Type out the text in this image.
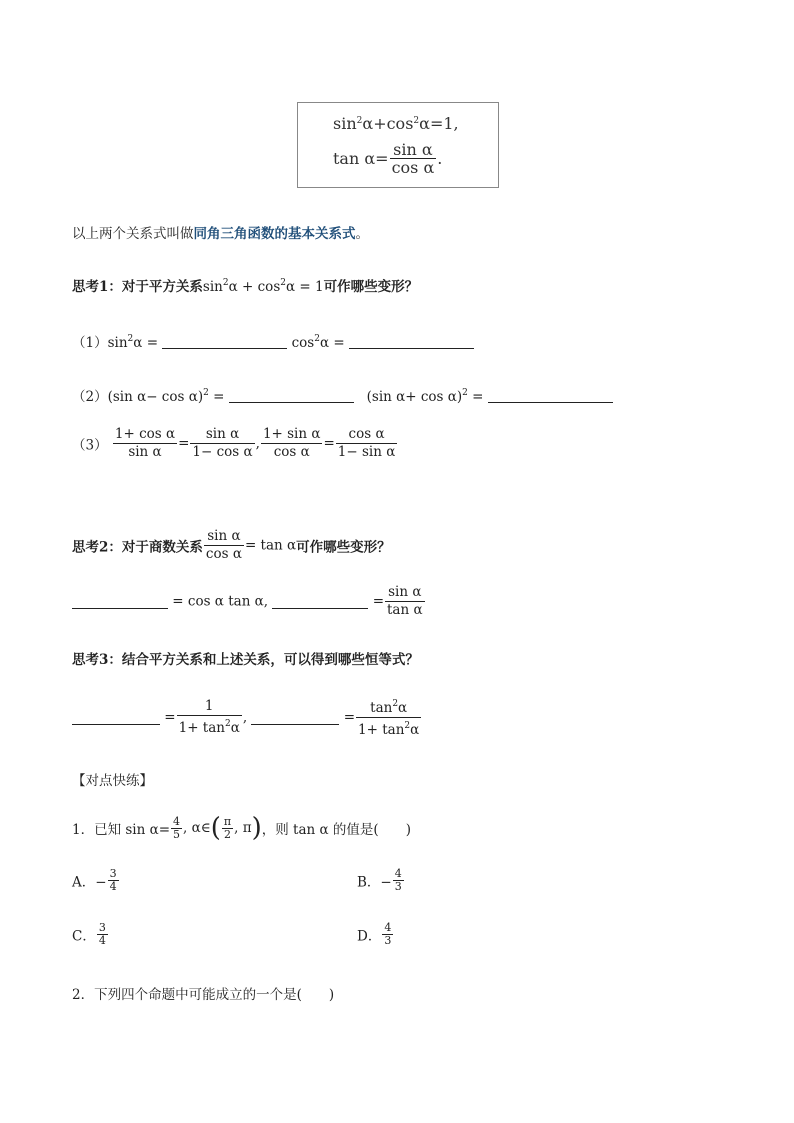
$\sin^2\alpha+\cos^2\alpha=1$,
$\tan \alpha= \frac{\text{sin α}}{\text{cos α}}$ .
以上两个关系式叫做同角三角函数的基本关系式。
思考1：对于平方关系$\sin^2\alpha + \cos^2\alpha = 1$可作哪些变形？
$(1)\sin^2\alpha$ =	$\cos^2\alpha$ =
（2）(sin α− cos α)$^2$ =	(sin α+ cos α)$^2$ =
$(3) \frac{\text{1+ cos α}}{\text{sin α}} = \frac{\text{sin α}}{\text{1− cos α}}$ , $\frac{\text{1+ sin α}}{\text{cos α}} = \frac{\text{cos α}}{\text{1− sin α}}$
思考2：对于商数关系 $\frac{\text{sin α}}{\text{cos α}} = \tan \alpha$可作哪些变形？
= cos α tan α,	= $\frac{\text{sin α}}{\text{tan α}}$
思考3：结合平方关系和上述关系，可以得到哪些恒等式？
= $\frac{1}{1+ \tan^2\alpha}$ ,	= $\frac{\tan^2\alpha}{1+ \tan^2\alpha}$
【对点快练】
1．已知 $\sin \alpha= \frac{4}{5}$ , α∈( $\frac{\pi}{2}$ , π)，则 tan α 的值是(　　)
A．− $\frac{3}{4}$	B．− $\frac{4}{3}$
C． $\frac{3}{4}$	D． $\frac{4}{3}$
2．下列四个命题中可能成立的一个是(　　)
